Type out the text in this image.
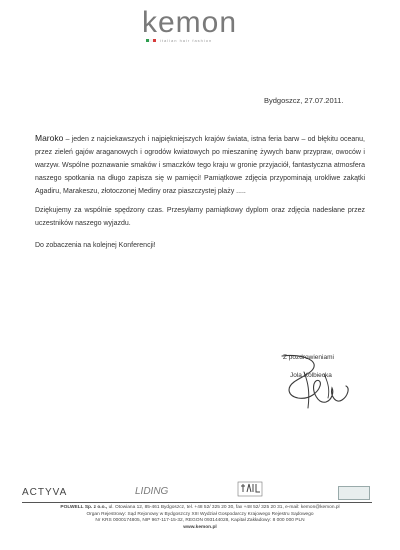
kemon
italian hair fashion
Bydgoszcz, 27.07.2011.

Maroko – jeden z najciekawszych i najpiękniejszych krajów świata, istna feria barw – od błękitu oceanu, przez zieleń gajów araganowych i ogrodów kwiatowych po mieszaninę żywych barw przypraw, owoców i warzyw. Wspólne poznawanie smaków i smaczków tego kraju w gronie przyjaciół, fantastyczna atmosfera naszego spotkania na długo zapisza się w pamięci! Pamiątkowe zdjęcia przypominają urokliwe zakątki Agadiru, Marakeszu, złotoczonej Mediny oraz piaszczystej plaży .....

Dziękujemy za wspólnie spędzony czas. Przesyłamy pamiątkowy dyplom oraz zdjęcia nadesłane przez uczestników naszego wyjazdu.

Do zobaczenia na kolejnej Konferencji!

Z pozdrowieniami
Jola Kolbiecka
ACTYVA	LIDING
POLWELL Sp. z o.o., ul. Otowiana 12, 85-461 Bydgoszcz, tel. +48 52/ 325 20 30, fax +48 52/ 325 20 31, e-mail: kemon@kemon.pl
Organ Rejestrowy: Sąd Rejonowy w Bydgoszczy XIII Wydział Gospodarczy Krajowego Rejestru Sądowego
Nr KRS 0000174805, NIP 967-117-15-32, REGON 093144028, Kapitał Zakładowy: 8 000 000 PLN
www.kemon.pl
